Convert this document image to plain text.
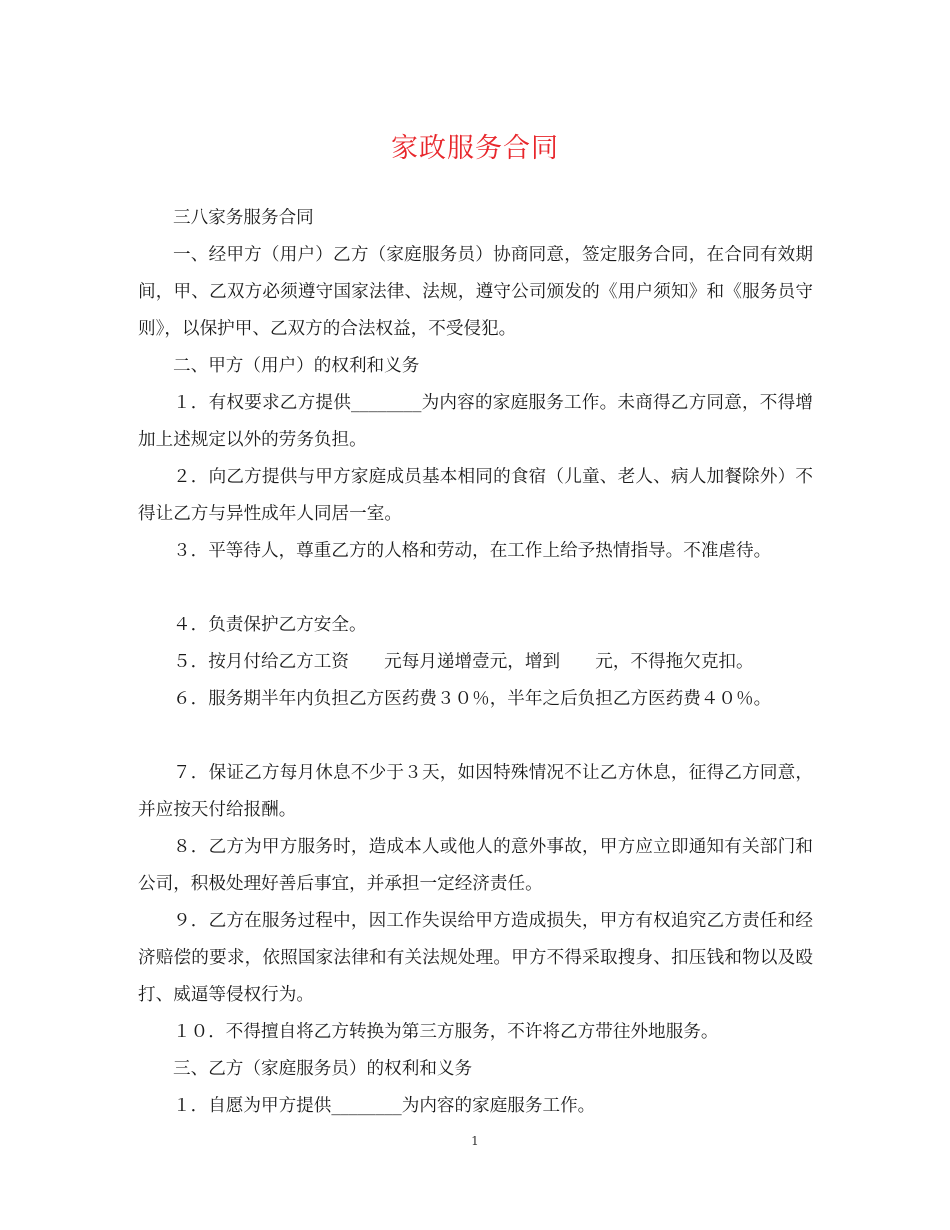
家政服务合同

三八家务服务合同

一、经甲方（用户）乙方（家庭服务员）协商同意，签定服务合同，在合同有效期间，甲、乙双方必须遵守国家法律、法规，遵守公司颁发的《用户须知》和《服务员守则》，以保护甲、乙双方的合法权益，不受侵犯。

二、甲方（用户）的权利和义务

１．有权要求乙方提供________为内容的家庭服务工作。未商得乙方同意，不得增加上述规定以外的劳务负担。

２．向乙方提供与甲方家庭成员基本相同的食宿（儿童、老人、病人加餐除外）不得让乙方与异性成年人同居一室。

３．平等待人，尊重乙方的人格和劳动，在工作上给予热情指导。不准虐待。

４．负责保护乙方安全。

５．按月付给乙方工资　　元每月递增壹元，增到　　元，不得拖欠克扣。

６．服务期半年内负担乙方医药费３０％，半年之后负担乙方医药费４０％。

７．保证乙方每月休息不少于３天，如因特殊情况不让乙方休息，征得乙方同意，并应按天付给报酬。

８．乙方为甲方服务时，造成本人或他人的意外事故，甲方应立即通知有关部门和公司，积极处理好善后事宜，并承担一定经济责任。

９．乙方在服务过程中，因工作失误给甲方造成损失，甲方有权追究乙方责任和经济赔偿的要求，依照国家法律和有关法规处理。甲方不得采取搜身、扣压钱和物以及殴打、威逼等侵权行为。

１０．不得擅自将乙方转换为第三方服务，不许将乙方带往外地服务。

三、乙方（家庭服务员）的权利和义务

１．自愿为甲方提供________为内容的家庭服务工作。

1
